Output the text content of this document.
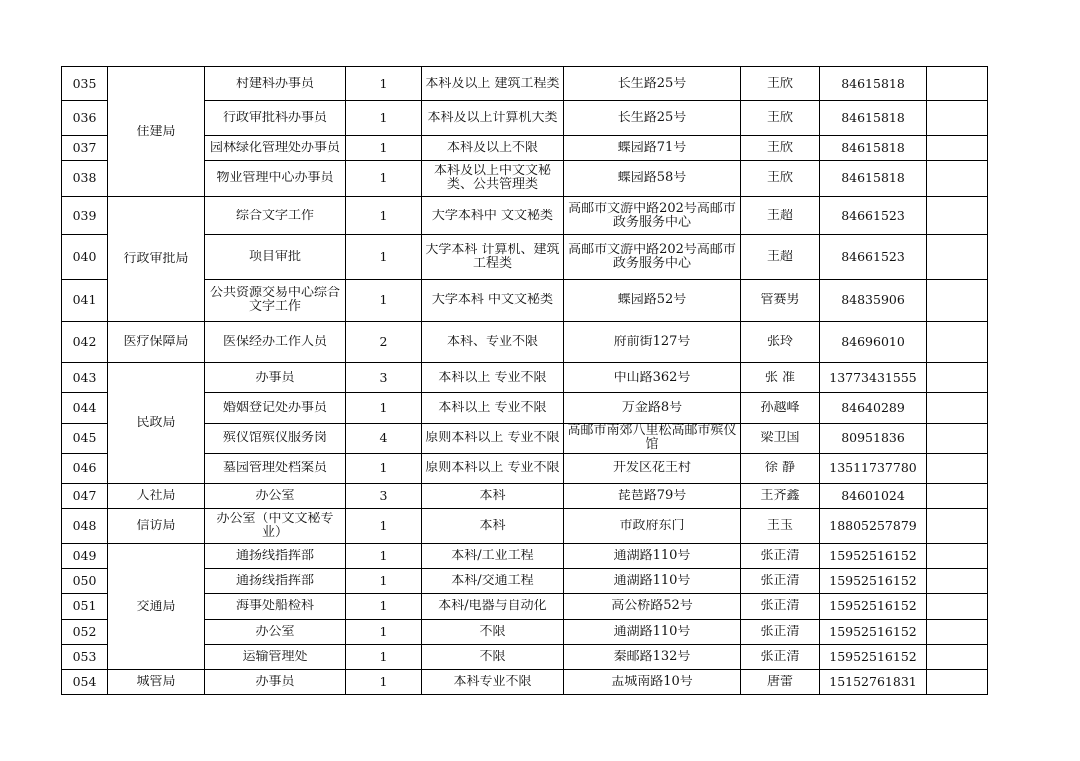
035	住建局	村建科办事员	1	本科及以上 建筑工程类	长生路25号	王欣	84615818	

036		行政审批科办事员	1	本科及以上计算机大类	长生路25号	王欣	84615818	

037		园林绿化管理处办事员	1	本科及以上不限	蝶园路71号	王欣	84615818	

038		物业管理中心办事员	1	本科及以上中文文秘类、公共管理类	蝶园路58号	王欣	84615818	

039	行政审批局	综合文字工作	1	大学本科中 文文秘类	高邮市文游中路202号高邮市政务服务中心	王超	84661523	

040		项目审批	1	大学本科 计算机、建筑工程类	高邮市文游中路202号高邮市政务服务中心	王超	84661523	

041		公共资源交易中心综合文字工作	1	大学本科 中文文秘类	蝶园路52号	管赛男	84835906	

042	医疗保障局	医保经办工作人员	2	本科、专业不限	府前街127号	张玲	84696010	

043	民政局	办事员	3	本科以上 专业不限	中山路362号	张 准	13773431555	

044		婚姻登记处办事员	1	本科以上 专业不限	万金路8号	孙越峰	84640289	

045		殡仪馆殡仪服务岗	4	原则本科以上 专业不限	高邮市南郊八里松高邮市殡仪馆	梁卫国	80951836	

046		墓园管理处档案员	1	原则本科以上 专业不限	开发区花王村	徐 静	13511737780	

047	人社局	办公室	3	本科	琵琶路79号	王齐鑫	84601024	

048	信访局	办公室（中文文秘专业）	1	本科	市政府东门	王玉	18805257879	

049	交通局	通扬线指挥部	1	本科/工业工程	通湖路110号	张正清	15952516152	

050		通扬线指挥部	1	本科/交通工程	通湖路110号	张正清	15952516152	

051		海事处船检科	1	本科/电器与自动化	高公桥路52号	张正清	15952516152	

052		办公室	1	不限	通湖路110号	张正清	15952516152	

053		运输管理处	1	不限	秦邮路132号	张正清	15952516152	

054	城管局	办事员	1	本科专业不限	盂城南路10号	唐蕾	15152761831	
